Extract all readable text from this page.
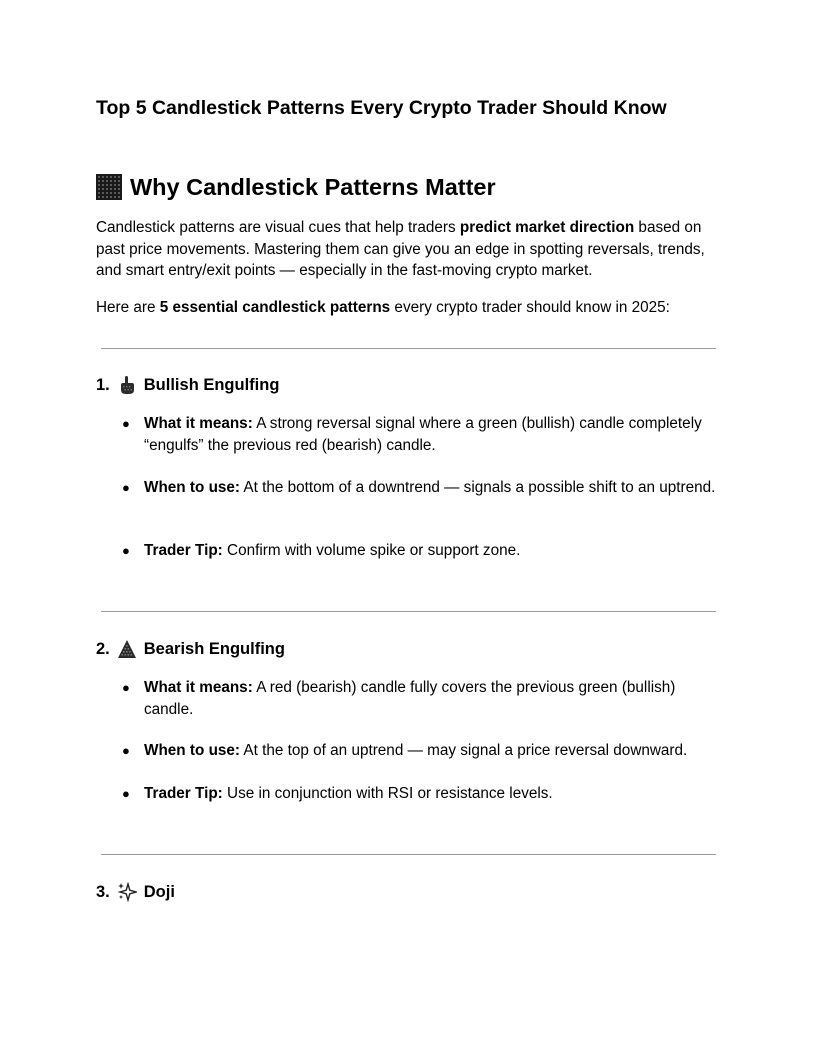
Top 5 Candlestick Patterns Every Crypto Trader Should Know
Why Candlestick Patterns Matter

Candlestick patterns are visual cues that help traders predict market direction based on past price movements. Mastering them can give you an edge in spotting reversals, trends, and smart entry/exit points — especially in the fast-moving crypto market.

Here are 5 essential candlestick patterns every crypto trader should know in 2025:

1. Bullish Engulfing
● What it means: A strong reversal signal where a green (bullish) candle completely “engulfs” the previous red (bearish) candle.
● When to use: At the bottom of a downtrend — signals a possible shift to an uptrend.
● Trader Tip: Confirm with volume spike or support zone.
2. Bearish Engulfing
● What it means: A red (bearish) candle fully covers the previous green (bullish) candle.
● When to use: At the top of an uptrend — may signal a price reversal downward.
● Trader Tip: Use in conjunction with RSI or resistance levels.
3. Doji
